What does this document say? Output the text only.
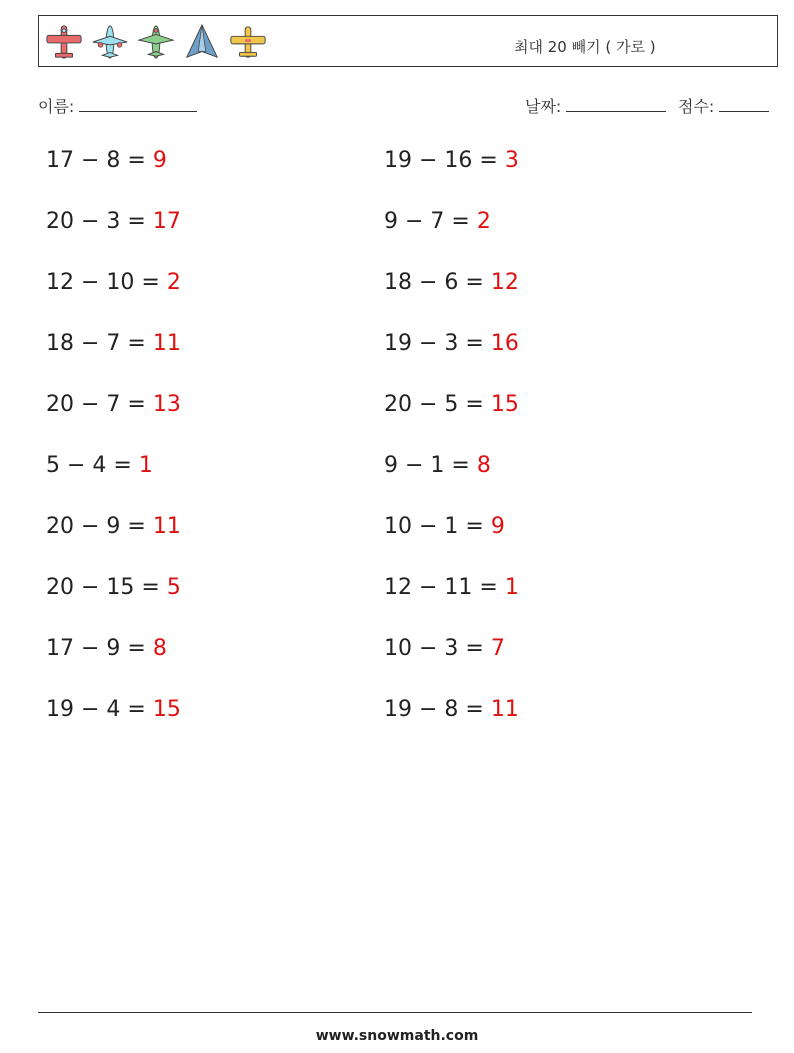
최대 20 빼기 ( 가로 )
이름:	날짜:	점수:
17 − 8 = 9	19 − 16 = 3
20 − 3 = 17	9 − 7 = 2
12 − 10 = 2	18 − 6 = 12
18 − 7 = 11	19 − 3 = 16
20 − 7 = 13	20 − 5 = 15
5 − 4 = 1	9 − 1 = 8
20 − 9 = 11	10 − 1 = 9
20 − 15 = 5	12 − 11 = 1
17 − 9 = 8	10 − 3 = 7
19 − 4 = 15	19 − 8 = 11
www.snowmath.com
